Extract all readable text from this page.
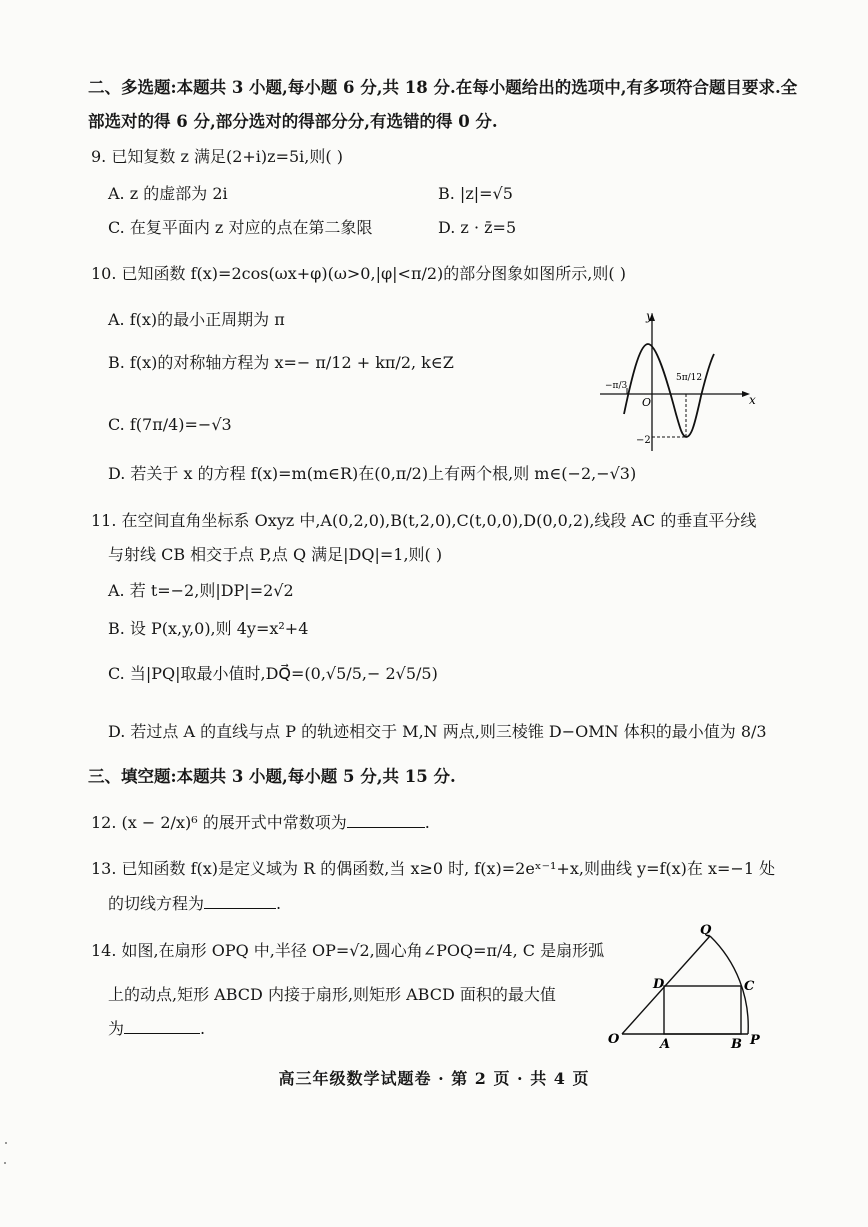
二、多选题:本题共 3 小题,每小题 6 分,共 18 分.在每小题给出的选项中,有多项符合题目要求.全
部选对的得 6 分,部分选对的得部分分,有选错的得 0 分.
9. 已知复数 z 满足(2+i)z=5i,则( )
A. z 的虚部为 2i	B. |z|=√5
C. 在复平面内 z 对应的点在第二象限	D. z · z̄=5
10. 已知函数 f(x)=2cos(ωx+φ)(ω>0,|φ|<π/2)的部分图象如图所示,则( )
A. f(x)的最小正周期为 π
B. f(x)的对称轴方程为 x=− π/12 + kπ/2, k∈Z
C. f(7π/4)=−√3
D. 若关于 x 的方程 f(x)=m(m∈R)在(0,π/2)上有两个根,则 m∈(−2,−√3)
y
x
O
−π/3
5π/12
−2
11. 在空间直角坐标系 Oxyz 中,A(0,2,0),B(t,2,0),C(t,0,0),D(0,0,2),线段 AC 的垂直平分线
与射线 CB 相交于点 P,点 Q 满足|DQ|=1,则( )
A. 若 t=−2,则|DP|=2√2
B. 设 P(x,y,0),则 4y=x²+4
C. 当|PQ|取最小值时,DQ⃗=(0,√5/5,− 2√5/5)
D. 若过点 A 的直线与点 P 的轨迹相交于 M,N 两点,则三棱锥 D−OMN 体积的最小值为 8/3
三、填空题:本题共 3 小题,每小题 5 分,共 15 分.
12. (x − 2/x)⁶ 的展开式中常数项为	.
13. 已知函数 f(x)是定义域为 R 的偶函数,当 x≥0 时, f(x)=2eˣ⁻¹+x,则曲线 y=f(x)在 x=−1 处
的切线方程为	.
14. 如图,在扇形 OPQ 中,半径 OP=√2,圆心角∠POQ=π/4, C 是扇形弧
上的动点,矩形 ABCD 内接于扇形,则矩形 ABCD 面积的最大值
为	.
O	A	B P
C
D
Q
高三年级数学试题卷 · 第 2 页 · 共 4 页
